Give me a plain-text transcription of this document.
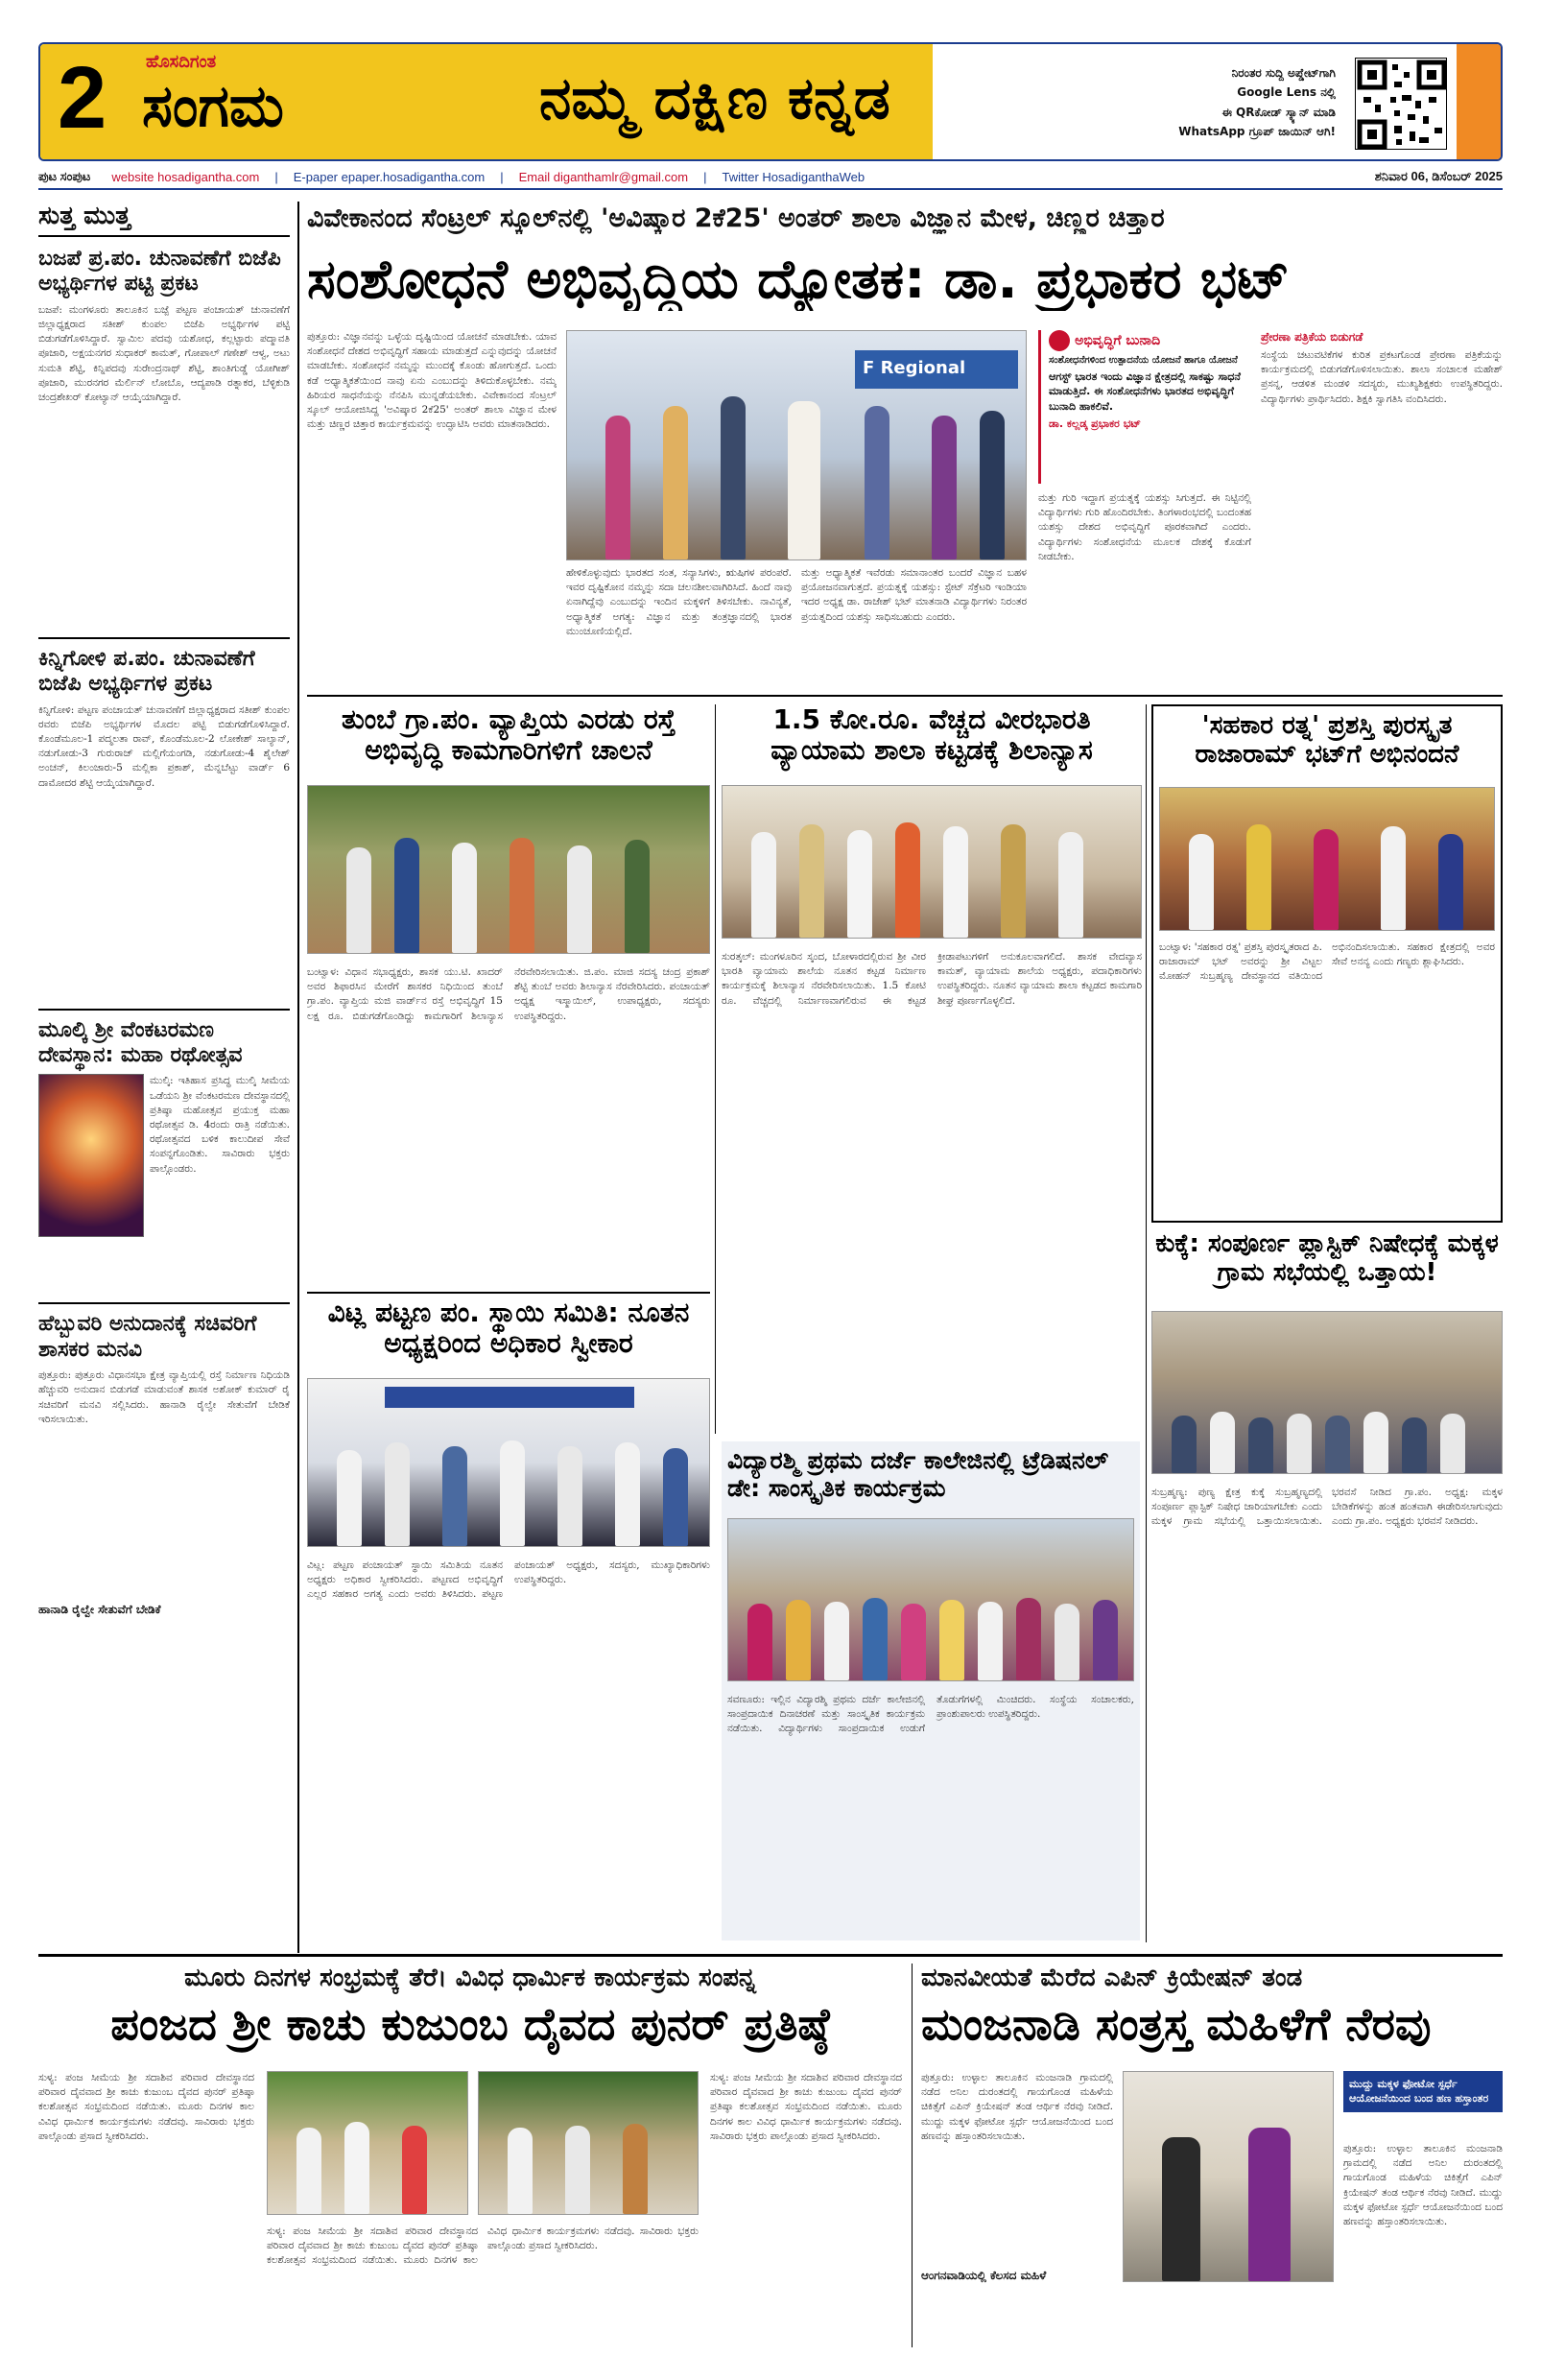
2 ಹೊಸದಿಗಂತ
ಸಂಗಮ	ನಮ್ಮ ದಕ್ಷಿಣ ಕನ್ನಡ	ನಿರಂತರ ಸುದ್ದಿ ಅಪ್ಡೇಟ್‌ಗಾಗಿ
Google Lens ನಲ್ಲಿ
ಈ QRಕೋಡ್ ಸ್ಕ್ಯಾನ್ ಮಾಡಿ
WhatsApp ಗ್ರೂಪ್ ಜಾಯಿನ್ ಆಗಿ!
ಪುಟ ಸಂಪುಟ website hosadigantha.com | E-paper epaper.hosadigantha.com | Email diganthamlr@gmail.com | Twitter HosadiganthaWeb	ಶನಿವಾರ 06, ಡಿಸೆಂಬರ್ 2025
ಸುತ್ತ ಮುತ್ತ
ಬಜಪೆ ಪ್ರ.ಪಂ. ಚುನಾವಣೆಗೆ ಬಿಜೆಪಿ ಅಭ್ಯರ್ಥಿಗಳ ಪಟ್ಟಿ ಪ್ರಕಟ
ಬಜಪೆ: ಮಂಗಳೂರು ತಾಲೂಕಿನ ಬಜ್ಪೆ ಪಟ್ಟಣ ಪಂಚಾಯತ್ ಚುನಾವಣೆಗೆ ಜಿಲ್ಲಾಧ್ಯಕ್ಷರಾದ ಸತೀಶ್ ಕುಂಪಲ ಬಿಜೆಪಿ ಅಭ್ಯರ್ಥಿಗಳ ಪಟ್ಟಿ ಬಿಡುಗಡೆಗೊಳಿಸಿದ್ದಾರೆ. ಸ್ವಾಮಿಲ ಪದವು ಯಶೋಧ, ಕಲ್ಲಟ್ಟಾರು ಪದ್ಮಾವತಿ ಪೂಜಾರಿ, ಅಕ್ಷಯನಗರ ಸುಧಾಕರ್ ಕಾಮತ್, ಗೋಪಾಲ್ ಗಣೇಶ್ ಆಳ್ವ, ಅಟು ಸುಮತಿ ಶೆಟ್ಟಿ, ಕಿನ್ನಿಪದವು ಸುರೇಂದ್ರನಾಥ್ ಶೆಟ್ಟಿ, ಶಾಂತಿಗುಡ್ಡೆ ಯೋಗೀಶ್ ಪೂಜಾರಿ, ಮುರನಗರ ಮೆರ್ಲಿನ್ ಲೋಬೊ, ಆದ್ಯಪಾಡಿ ರತ್ನಾಕರ, ಬೆಳ್ಳಿಕುಡಿ ಚಂದ್ರಶೇಖರ್ ಕೋಟ್ಯಾನ್ ಆಯ್ಕೆಯಾಗಿದ್ದಾರೆ.
ಕಿನ್ನಿಗೋಳಿ ಪ.ಪಂ. ಚುನಾವಣೆಗೆ ಬಿಜೆಪಿ ಅಭ್ಯರ್ಥಿಗಳ ಪ್ರಕಟ
ಕಿನ್ನಿಗೋಳಿ: ಪಟ್ಟಣ ಪಂಚಾಯತ್ ಚುನಾವಣೆಗೆ ಜಿಲ್ಲಾಧ್ಯಕ್ಷರಾದ ಸತೀಶ್ ಕುಂಪಲ ರವರು ಬಿಜೆಪಿ ಅಭ್ಯರ್ಥಿಗಳ ಮೊದಲ ಪಟ್ಟಿ ಬಿಡುಗಡೆಗೊಳಿಸಿದ್ದಾರೆ. ಕೊಂಡೆಮೂಲ-1 ಪದ್ಮಲತಾ ರಾವ್, ಕೊಂಡೆಮೂಲ-2 ಲೋಕೇಶ್ ಸಾಲ್ಯಾನ್, ನಡುಗೋಡು-3 ಗುರುರಾಜ್ ಮಲ್ಲಿಗೆಯಂಗಡಿ, ನಡುಗೋಡು-4 ಶೈಲೇಶ್ ಅಂಚನ್, ಕಿಲಂಜಾರು-5 ಮಲ್ಲಿಕಾ ಪ್ರಕಾಶ್, ಮೆನ್ನಬೆಟ್ಟು ವಾರ್ಡ್ 6 ದಾಮೋದರ ಶೆಟ್ಟಿ ಆಯ್ಕೆಯಾಗಿದ್ದಾರೆ.
ಮೂಲ್ಕಿ ಶ್ರೀ ವೆಂಕಟರಮಣ ದೇವಸ್ಥಾನ: ಮಹಾ ರಥೋತ್ಸವ
ಮುಲ್ಕಿ: ಇತಿಹಾಸ ಪ್ರಸಿದ್ಧ ಮುಲ್ಕಿ ಸೀಮೆಯ ಒಡೆಯನಿ ಶ್ರೀ ವೆಂಕಟರಮಣ ದೇವಸ್ಥಾನದಲ್ಲಿ ಪ್ರತಿಷ್ಠಾ ಮಹೋತ್ಸವ ಪ್ರಯುಕ್ತ ಮಹಾ ರಥೋತ್ಸವ ಡಿ. 4ರಂದು ರಾತ್ರಿ ನಡೆಯಿತು. ರಥೋತ್ಸವದ ಬಳಿಕ ಕಾಲುದೀಪ ಸೇವೆ ಸಂಪನ್ನಗೊಂಡಿತು. ಸಾವಿರಾರು ಭಕ್ತರು ಪಾಲ್ಗೊಂಡರು.
ಹೆಬ್ಬುವರಿ ಅನುದಾನಕ್ಕೆ ಸಚಿವರಿಗೆ ಶಾಸಕರ ಮನವಿ
ಪುತ್ತೂರು: ಪುತ್ತೂರು ವಿಧಾನಸಭಾ ಕ್ಷೇತ್ರ ವ್ಯಾಪ್ತಿಯಲ್ಲಿ ರಸ್ತೆ ನಿರ್ಮಾಣ ನಿಧಿಯಡಿ ಹೆಚ್ಚುವರಿ ಅನುದಾನ ಬಿಡುಗಡೆ ಮಾಡುವಂತೆ ಶಾಸಕ ಅಶೋಕ್ ಕುಮಾರ್ ರೈ ಸಚಿವರಿಗೆ ಮನವಿ ಸಲ್ಲಿಸಿದರು. ಹಾನಾಡಿ ರೈಲ್ವೇ ಸೇತುವೆಗೆ ಬೇಡಿಕೆ ಇರಿಸಲಾಯಿತು.
ಹಾನಾಡಿ ರೈಲ್ವೇ ಸೇತುವೆಗೆ ಬೇಡಿಕೆ
ವಿವೇಕಾನಂದ ಸೆಂಟ್ರಲ್ ಸ್ಕೂಲ್‌ನಲ್ಲಿ 'ಅವಿಷ್ಕಾರ 2ಕೆ25' ಅಂತರ್ ಶಾಲಾ ವಿಜ್ಞಾನ ಮೇಳ, ಚಿಣ್ಣರ ಚಿತ್ತಾರ
ಸಂಶೋಧನೆ ಅಭಿವೃದ್ಧಿಯ ದ್ಯೋತಕ: ಡಾ. ಪ್ರಭಾಕರ ಭಟ್
ಪುತ್ತೂರು: ವಿಜ್ಞಾನವನ್ನು ಒಳ್ಳೆಯ ದೃಷ್ಟಿಯಿಂದ ಯೋಚನೆ ಮಾಡಬೇಕು. ಯಾವ ಸಂಶೋಧನೆ ದೇಶದ ಅಭಿವೃದ್ಧಿಗೆ ಸಹಾಯ ಮಾಡುತ್ತದೆ ಎನ್ನುವುದನ್ನು ಯೋಚನೆ ಮಾಡಬೇಕು. ಸಂಶೋಧನೆ ನಮ್ಮನ್ನು ಮುಂದಕ್ಕೆ ಕೊಂಡು ಹೋಗುತ್ತದೆ. ಒಂದು ಕಡೆ ಅಧ್ಯಾತ್ಮಿಕತೆಯಿಂದ ನಾವು ಏನು ಎಂಬುದನ್ನು ತಿಳಿದುಕೊಳ್ಳಬೇಕು. ನಮ್ಮ ಹಿರಿಯರ ಸಾಧನೆಯನ್ನು ನೆನಪಿಸಿ ಮುನ್ನಡೆಯಬೇಕು. ವಿವೇಕಾನಂದ ಸೆಂಟ್ರಲ್ ಸ್ಕೂಲ್ ಆಯೋಜಿಸಿದ್ದ 'ಅವಿಷ್ಕಾರ 2ಕೆ25' ಅಂತರ್ ಶಾಲಾ ವಿಜ್ಞಾನ ಮೇಳ ಮತ್ತು ಚಿಣ್ಣರ ಚಿತ್ತಾರ ಕಾರ್ಯಕ್ರಮವನ್ನು ಉದ್ಘಾಟಿಸಿ ಅವರು ಮಾತನಾಡಿದರು.
F Regional
ಹೇಳಿಕೊಳ್ಳುವುದು ಭಾರತದ ಸಂತ, ಸನ್ಯಾಸಿಗಳು, ಋಷಿಗಳ ಪರಂಪರೆ. ಇವರ ದೃಷ್ಟಿಕೋನ ನಮ್ಮನ್ನು ಸದಾ ಚಲನಶೀಲವಾಗಿರಿಸಿದೆ. ಹಿಂದೆ ನಾವು ಏನಾಗಿದ್ದೆವು ಎಂಬುದನ್ನು ಇಂದಿನ ಮಕ್ಕಳಿಗೆ ತಿಳಿಸಬೇಕು. ನಾವಿನ್ಯತೆ, ಅಧ್ಯಾತ್ಮಿಕತೆ ಅಗತ್ಯ: ವಿಜ್ಞಾನ ಮತ್ತು ತಂತ್ರಜ್ಞಾನದಲ್ಲಿ ಭಾರತ ಮುಂಚೂಣಿಯಲ್ಲಿದೆ.
ಮತ್ತು ಅಧ್ಯಾತ್ಮಿಕತೆ ಇವೆರಡು ಸಮಾನಾಂತರ ಬಂದರೆ ವಿಜ್ಞಾನ ಬಹಳ ಪ್ರಯೋಜನವಾಗುತ್ತದೆ. ಪ್ರಯತ್ನಕ್ಕೆ ಯಶಸ್ಸು: ಸ್ಟೇಟ್ ಸೆಕ್ರೆಟರಿ ಇಂಡಿಯಾ ಇದರ ಅಧ್ಯಕ್ಷ ಡಾ. ರಾಜೇಶ್ ಭಟ್ ಮಾತನಾಡಿ ವಿದ್ಯಾರ್ಥಿಗಳು ನಿರಂತರ ಪ್ರಯತ್ನದಿಂದ ಯಶಸ್ಸು ಸಾಧಿಸಬಹುದು ಎಂದರು.
ಅಭಿವೃದ್ಧಿಗೆ ಬುನಾದಿ
ಸಂಶೋಧನೆಗಳಿಂದ ಉತ್ಪಾದನೆಯ ಯೋಜನೆ ಹಾಗೂ ಯೋಜನೆ
ಆಗಸ್ಟ್ ಭಾರತ ಇಂದು ವಿಜ್ಞಾನ ಕ್ಷೇತ್ರದಲ್ಲಿ ಸಾಕಷ್ಟು ಸಾಧನೆ ಮಾಡುತ್ತಿದೆ. ಈ ಸಂಶೋಧನೆಗಳು ಭಾರತದ ಅಭಿವೃದ್ಧಿಗೆ ಬುನಾದಿ ಹಾಕಲಿವೆ.
ಡಾ. ಕಲ್ಲಡ್ಕ ಪ್ರಭಾಕರ ಭಟ್
ಮತ್ತು ಗುರಿ ಇದ್ದಾಗ ಪ್ರಯತ್ನಕ್ಕೆ ಯಶಸ್ಸು ಸಿಗುತ್ತದೆ. ಈ ನಿಟ್ಟಿನಲ್ಲಿ ವಿದ್ಯಾರ್ಥಿಗಳು ಗುರಿ ಹೊಂದಿರಬೇಕು. ತಿಂಗಳಾರಂಭದಲ್ಲಿ ಬಂದಂತಹ ಯಶಸ್ಸು ದೇಶದ ಅಭಿವೃದ್ಧಿಗೆ ಪೂರಕವಾಗಿದೆ ಎಂದರು. ವಿದ್ಯಾರ್ಥಿಗಳು ಸಂಶೋಧನೆಯ ಮೂಲಕ ದೇಶಕ್ಕೆ ಕೊಡುಗೆ ನೀಡಬೇಕು.
ಪ್ರೇರಣಾ ಪತ್ರಿಕೆಯ ಬಿಡುಗಡೆ
ಸಂಸ್ಥೆಯ ಚಟುವಟಿಕೆಗಳ ಕುರಿತ ಪ್ರಕಟಗೊಂಡ ಪ್ರೇರಣಾ ಪತ್ರಿಕೆಯನ್ನು ಕಾರ್ಯಕ್ರಮದಲ್ಲಿ ಬಿಡುಗಡೆಗೊಳಿಸಲಾಯಿತು. ಶಾಲಾ ಸಂಚಾಲಕ ಮಹೇಶ್ ಪ್ರಸನ್ನ, ಆಡಳಿತ ಮಂಡಳಿ ಸದಸ್ಯರು, ಮುಖ್ಯಶಿಕ್ಷಕರು ಉಪಸ್ಥಿತರಿದ್ದರು. ವಿದ್ಯಾರ್ಥಿಗಳು ಪ್ರಾರ್ಥಿಸಿದರು. ಶಿಕ್ಷಕಿ ಸ್ವಾಗತಿಸಿ ವಂದಿಸಿದರು.
ತುಂಬೆ ಗ್ರಾ.ಪಂ. ವ್ಯಾಪ್ತಿಯ ಎರಡು ರಸ್ತೆ ಅಭಿವೃದ್ಧಿ ಕಾಮಗಾರಿಗಳಿಗೆ ಚಾಲನೆ
ಬಂಟ್ವಾಳ: ವಿಧಾನ ಸಭಾಧ್ಯಕ್ಷರು, ಶಾಸಕ ಯು.ಟಿ. ಖಾದರ್ ಅವರ ಶಿಫಾರಸಿನ ಮೇರೆಗೆ ಶಾಸಕರ ನಿಧಿಯಿಂದ ತುಂಬೆ ಗ್ರಾ.ಪಂ. ವ್ಯಾಪ್ತಿಯ ಮಜಿ ವಾರ್ಡ್‌ನ ರಸ್ತೆ ಅಭಿವೃದ್ಧಿಗೆ 15 ಲಕ್ಷ ರೂ. ಬಿಡುಗಡೆಗೊಂಡಿದ್ದು ಕಾಮಗಾರಿಗೆ ಶಿಲಾನ್ಯಾಸ ನೆರವೇರಿಸಲಾಯಿತು. ಜಿ.ಪಂ. ಮಾಜಿ ಸದಸ್ಯ ಚಂದ್ರ ಪ್ರಕಾಶ್ ಶೆಟ್ಟಿ ತುಂಬೆ ಅವರು ಶಿಲಾನ್ಯಾಸ ನೆರವೇರಿಸಿದರು. ಪಂಚಾಯತ್ ಅಧ್ಯಕ್ಷ ಇಸ್ಮಾಯಿಲ್, ಉಪಾಧ್ಯಕ್ಷರು, ಸದಸ್ಯರು ಉಪಸ್ಥಿತರಿದ್ದರು.
1.5 ಕೋ.ರೂ. ವೆಚ್ಚದ ವೀರಭಾರತಿ ವ್ಯಾಯಾಮ ಶಾಲಾ ಕಟ್ಟಡಕ್ಕೆ ಶಿಲಾನ್ಯಾಸ
ಸುರತ್ಕಲ್: ಮಂಗಳೂರಿನ ಸ್ಕಂದ, ಬೋಳಾರದಲ್ಲಿರುವ ಶ್ರೀ ವೀರ ಭಾರತಿ ವ್ಯಾಯಾಮ ಶಾಲೆಯ ನೂತನ ಕಟ್ಟಡ ನಿರ್ಮಾಣ ಕಾರ್ಯಕ್ರಮಕ್ಕೆ ಶಿಲಾನ್ಯಾಸ ನೆರವೇರಿಸಲಾಯಿತು. 1.5 ಕೋಟಿ ರೂ. ವೆಚ್ಚದಲ್ಲಿ ನಿರ್ಮಾಣವಾಗಲಿರುವ ಈ ಕಟ್ಟಡ ಕ್ರೀಡಾಪಟುಗಳಿಗೆ ಅನುಕೂಲವಾಗಲಿದೆ. ಶಾಸಕ ವೇದವ್ಯಾಸ ಕಾಮತ್, ವ್ಯಾಯಾಮ ಶಾಲೆಯ ಅಧ್ಯಕ್ಷರು, ಪದಾಧಿಕಾರಿಗಳು ಉಪಸ್ಥಿತರಿದ್ದರು. ನೂತನ ವ್ಯಾಯಾಮ ಶಾಲಾ ಕಟ್ಟಡದ ಕಾಮಗಾರಿ ಶೀಘ್ರ ಪೂರ್ಣಗೊಳ್ಳಲಿದೆ.
'ಸಹಕಾರ ರತ್ನ' ಪ್ರಶಸ್ತಿ ಪುರಸ್ಕೃತ ರಾಜಾರಾಮ್ ಭಟ್‌ಗೆ ಅಭಿನಂದನೆ
ಬಂಟ್ವಾಳ: 'ಸಹಕಾರ ರತ್ನ' ಪ್ರಶಸ್ತಿ ಪುರಸ್ಕೃತರಾದ ಪಿ. ರಾಜಾರಾಮ್ ಭಟ್ ಅವರನ್ನು ಶ್ರೀ ವಿಟ್ಟಲ ಮೋಹನ್ ಸುಬ್ರಹ್ಮಣ್ಯ ದೇವಸ್ಥಾನದ ವತಿಯಿಂದ ಅಭಿನಂದಿಸಲಾಯಿತು. ಸಹಕಾರ ಕ್ಷೇತ್ರದಲ್ಲಿ ಅವರ ಸೇವೆ ಅನನ್ಯ ಎಂದು ಗಣ್ಯರು ಶ್ಲಾಘಿಸಿದರು.
ಕುಕ್ಕೆ: ಸಂಪೂರ್ಣ ಪ್ಲಾಸ್ಟಿಕ್ ನಿಷೇಧಕ್ಕೆ ಮಕ್ಕಳ ಗ್ರಾಮ ಸಭೆಯಲ್ಲಿ ಒತ್ತಾಯ!
ಸುಬ್ರಹ್ಮಣ್ಯ: ಪುಣ್ಯ ಕ್ಷೇತ್ರ ಕುಕ್ಕೆ ಸುಬ್ರಹ್ಮಣ್ಯದಲ್ಲಿ ಸಂಪೂರ್ಣ ಪ್ಲಾಸ್ಟಿಕ್ ನಿಷೇಧ ಜಾರಿಯಾಗಬೇಕು ಎಂದು ಮಕ್ಕಳ ಗ್ರಾಮ ಸಭೆಯಲ್ಲಿ ಒತ್ತಾಯಿಸಲಾಯಿತು. ಭರವಸೆ ನೀಡಿದ ಗ್ರಾ.ಪಂ. ಅಧ್ಯಕ್ಷ: ಮಕ್ಕಳ ಬೇಡಿಕೆಗಳನ್ನು ಹಂತ ಹಂತವಾಗಿ ಈಡೇರಿಸಲಾಗುವುದು ಎಂದು ಗ್ರಾ.ಪಂ. ಅಧ್ಯಕ್ಷರು ಭರವಸೆ ನೀಡಿದರು.
ವಿಟ್ಲ ಪಟ್ಟಣ ಪಂ. ಸ್ಥಾಯಿ ಸಮಿತಿ: ನೂತನ ಅಧ್ಯಕ್ಷರಿಂದ ಅಧಿಕಾರ ಸ್ವೀಕಾರ
ವಿಟ್ಲ: ಪಟ್ಟಣ ಪಂಚಾಯತ್ ಸ್ಥಾಯಿ ಸಮಿತಿಯ ನೂತನ ಅಧ್ಯಕ್ಷರು ಅಧಿಕಾರ ಸ್ವೀಕರಿಸಿದರು. ಪಟ್ಟಣದ ಅಭಿವೃದ್ಧಿಗೆ ಎಲ್ಲರ ಸಹಕಾರ ಅಗತ್ಯ ಎಂದು ಅವರು ತಿಳಿಸಿದರು. ಪಟ್ಟಣ ಪಂಚಾಯತ್ ಅಧ್ಯಕ್ಷರು, ಸದಸ್ಯರು, ಮುಖ್ಯಾಧಿಕಾರಿಗಳು ಉಪಸ್ಥಿತರಿದ್ದರು.
ವಿದ್ಯಾರಶ್ಮಿ ಪ್ರಥಮ ದರ್ಜೆ ಕಾಲೇಜಿನಲ್ಲಿ ಟ್ರೆಡಿಷನಲ್ ಡೇ: ಸಾಂಸ್ಕೃತಿಕ ಕಾರ್ಯಕ್ರಮ
ಸವಣೂರು: ಇಲ್ಲಿನ ವಿದ್ಯಾರಶ್ಮಿ ಪ್ರಥಮ ದರ್ಜೆ ಕಾಲೇಜಿನಲ್ಲಿ ಸಾಂಪ್ರದಾಯಿಕ ದಿನಾಚರಣೆ ಮತ್ತು ಸಾಂಸ್ಕೃತಿಕ ಕಾರ್ಯಕ್ರಮ ನಡೆಯಿತು. ವಿದ್ಯಾರ್ಥಿಗಳು ಸಾಂಪ್ರದಾಯಿಕ ಉಡುಗೆ ತೊಡುಗೆಗಳಲ್ಲಿ ಮಿಂಚಿದರು. ಸಂಸ್ಥೆಯ ಸಂಚಾಲಕರು, ಪ್ರಾಂಶುಪಾಲರು ಉಪಸ್ಥಿತರಿದ್ದರು.
ಮೂರು ದಿನಗಳ ಸಂಭ್ರಮಕ್ಕೆ ತೆರೆ। ವಿವಿಧ ಧಾರ್ಮಿಕ ಕಾರ್ಯಕ್ರಮ ಸಂಪನ್ನ
ಪಂಜದ ಶ್ರೀ ಕಾಚು ಕುಜುಂಬ ದೈವದ ಪುನರ್ ಪ್ರತಿಷ್ಠೆ
ಸುಳ್ಯ: ಪಂಜ ಸೀಮೆಯ ಶ್ರೀ ಸದಾಶಿವ ಪರಿವಾರ ದೇವಸ್ಥಾನದ ಪರಿವಾರ ದೈವವಾದ ಶ್ರೀ ಕಾಚು ಕುಜುಂಬ ದೈವದ ಪುನರ್ ಪ್ರತಿಷ್ಠಾ ಕಲಶೋತ್ಸವ ಸಂಭ್ರಮದಿಂದ ನಡೆಯಿತು. ಮೂರು ದಿನಗಳ ಕಾಲ ವಿವಿಧ ಧಾರ್ಮಿಕ ಕಾರ್ಯಕ್ರಮಗಳು ನಡೆದವು. ಸಾವಿರಾರು ಭಕ್ತರು ಪಾಲ್ಗೊಂಡು ಪ್ರಸಾದ ಸ್ವೀಕರಿಸಿದರು.
ಸುಳ್ಯ: ಪಂಜ ಸೀಮೆಯ ಶ್ರೀ ಸದಾಶಿವ ಪರಿವಾರ ದೇವಸ್ಥಾನದ ಪರಿವಾರ ದೈವವಾದ ಶ್ರೀ ಕಾಚು ಕುಜುಂಬ ದೈವದ ಪುನರ್ ಪ್ರತಿಷ್ಠಾ ಕಲಶೋತ್ಸವ ಸಂಭ್ರಮದಿಂದ ನಡೆಯಿತು. ಮೂರು ದಿನಗಳ ಕಾಲ ವಿವಿಧ ಧಾರ್ಮಿಕ ಕಾರ್ಯಕ್ರಮಗಳು ನಡೆದವು. ಸಾವಿರಾರು ಭಕ್ತರು ಪಾಲ್ಗೊಂಡು ಪ್ರಸಾದ ಸ್ವೀಕರಿಸಿದರು.
ಸುಳ್ಯ: ಪಂಜ ಸೀಮೆಯ ಶ್ರೀ ಸದಾಶಿವ ಪರಿವಾರ ದೇವಸ್ಥಾನದ ಪರಿವಾರ ದೈವವಾದ ಶ್ರೀ ಕಾಚು ಕುಜುಂಬ ದೈವದ ಪುನರ್ ಪ್ರತಿಷ್ಠಾ ಕಲಶೋತ್ಸವ ಸಂಭ್ರಮದಿಂದ ನಡೆಯಿತು. ಮೂರು ದಿನಗಳ ಕಾಲ ವಿವಿಧ ಧಾರ್ಮಿಕ ಕಾರ್ಯಕ್ರಮಗಳು ನಡೆದವು. ಸಾವಿರಾರು ಭಕ್ತರು ಪಾಲ್ಗೊಂಡು ಪ್ರಸಾದ ಸ್ವೀಕರಿಸಿದರು.
ಮಾನವೀಯತೆ ಮೆರೆದ ಎಪಿನ್ ಕ್ರಿಯೇಷನ್ ತಂಡ
ಮಂಜನಾಡಿ ಸಂತ್ರಸ್ತ ಮಹಿಳೆಗೆ ನೆರವು
ಪುತ್ತೂರು: ಉಳ್ಳಾಲ ತಾಲೂಕಿನ ಮಂಜನಾಡಿ ಗ್ರಾಮದಲ್ಲಿ ನಡೆದ ಅನಿಲ ದುರಂತದಲ್ಲಿ ಗಾಯಗೊಂಡ ಮಹಿಳೆಯ ಚಿಕಿತ್ಸೆಗೆ ಎಪಿನ್ ಕ್ರಿಯೇಷನ್ ತಂಡ ಆರ್ಥಿಕ ನೆರವು ನೀಡಿದೆ. ಮುದ್ದು ಮಕ್ಕಳ ಫೋಟೋ ಸ್ಪರ್ಧೆ ಆಯೋಜನೆಯಿಂದ ಬಂದ ಹಣವನ್ನು ಹಸ್ತಾಂತರಿಸಲಾಯಿತು.
ಆಂಗನವಾಡಿಯಲ್ಲಿ ಕೆಲಸದ ಮಹಿಳೆ
ಮುದ್ದು ಮಕ್ಕಳ ಫೋಟೋ ಸ್ಪರ್ಧೆ ಆಯೋಜನೆಯಿಂದ ಬಂದ ಹಣ ಹಸ್ತಾಂತರ
ಪುತ್ತೂರು: ಉಳ್ಳಾಲ ತಾಲೂಕಿನ ಮಂಜನಾಡಿ ಗ್ರಾಮದಲ್ಲಿ ನಡೆದ ಅನಿಲ ದುರಂತದಲ್ಲಿ ಗಾಯಗೊಂಡ ಮಹಿಳೆಯ ಚಿಕಿತ್ಸೆಗೆ ಎಪಿನ್ ಕ್ರಿಯೇಷನ್ ತಂಡ ಆರ್ಥಿಕ ನೆರವು ನೀಡಿದೆ. ಮುದ್ದು ಮಕ್ಕಳ ಫೋಟೋ ಸ್ಪರ್ಧೆ ಆಯೋಜನೆಯಿಂದ ಬಂದ ಹಣವನ್ನು ಹಸ್ತಾಂತರಿಸಲಾಯಿತು.
